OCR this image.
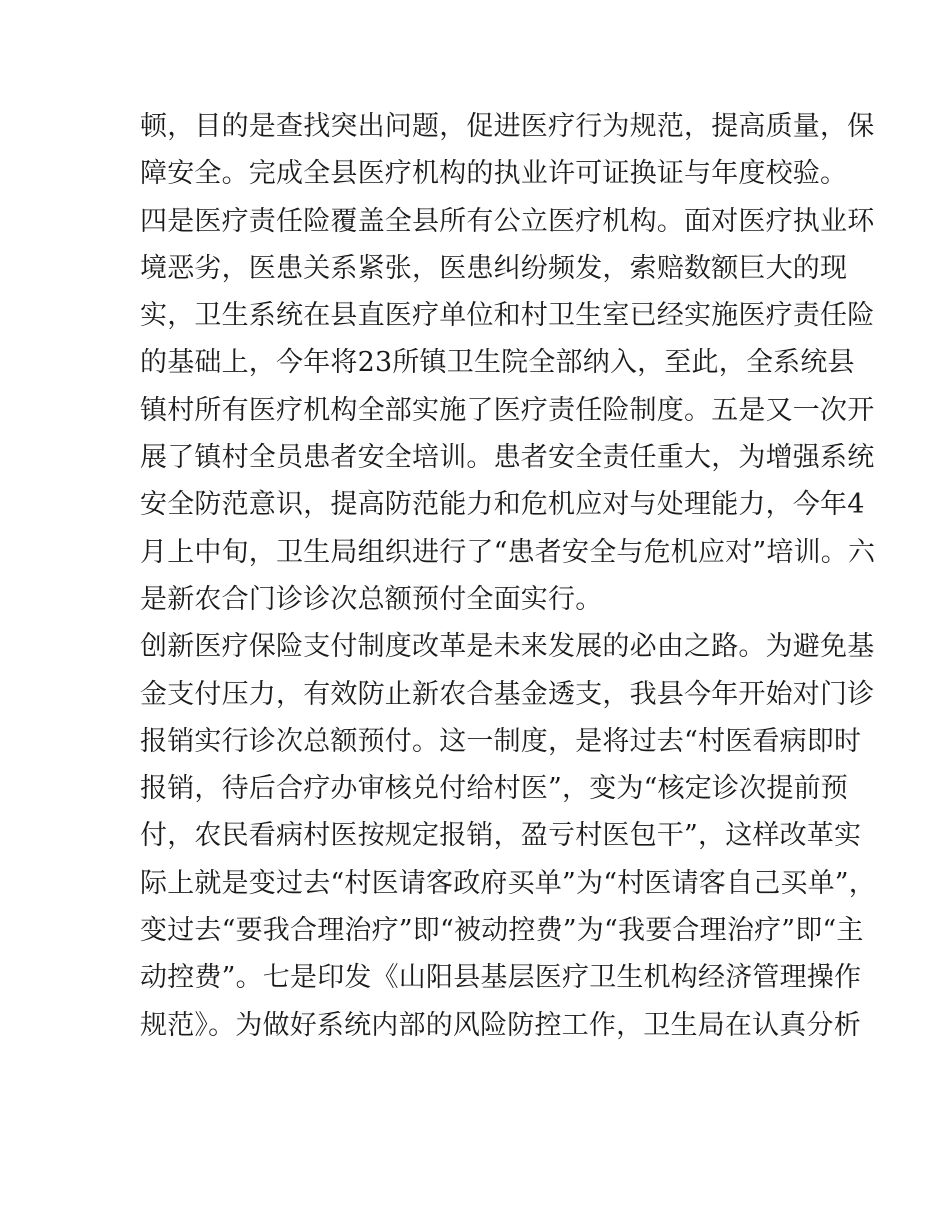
顿，目的是查找突出问题，促进医疗行为规范，提高质量，保
障安全。完成全县医疗机构的执业许可证换证与年度校验。
四是医疗责任险覆盖全县所有公立医疗机构。面对医疗执业环
境恶劣，医患关系紧张，医患纠纷频发，索赔数额巨大的现
实，卫生系统在县直医疗单位和村卫生室已经实施医疗责任险
的基础上，今年将23所镇卫生院全部纳入，至此，全系统县
镇村所有医疗机构全部实施了医疗责任险制度。五是又一次开
展了镇村全员患者安全培训。患者安全责任重大，为增强系统
安全防范意识，提高防范能力和危机应对与处理能力，今年4
月上中旬，卫生局组织进行了“患者安全与危机应对”培训。六
是新农合门诊诊次总额预付全面实行。
创新医疗保险支付制度改革是未来发展的必由之路。为避免基
金支付压力，有效防止新农合基金透支，我县今年开始对门诊
报销实行诊次总额预付。这一制度，是将过去“村医看病即时
报销，待后合疗办审核兑付给村医”，变为“核定诊次提前预
付，农民看病村医按规定报销，盈亏村医包干”，这样改革实
际上就是变过去“村医请客政府买单”为“村医请客自己买单”，
变过去“要我合理治疗”即“被动控费”为“我要合理治疗”即“主
动控费”。七是印发《山阳县基层医疗卫生机构经济管理操作
规范》。为做好系统内部的风险防控工作，卫生局在认真分析
